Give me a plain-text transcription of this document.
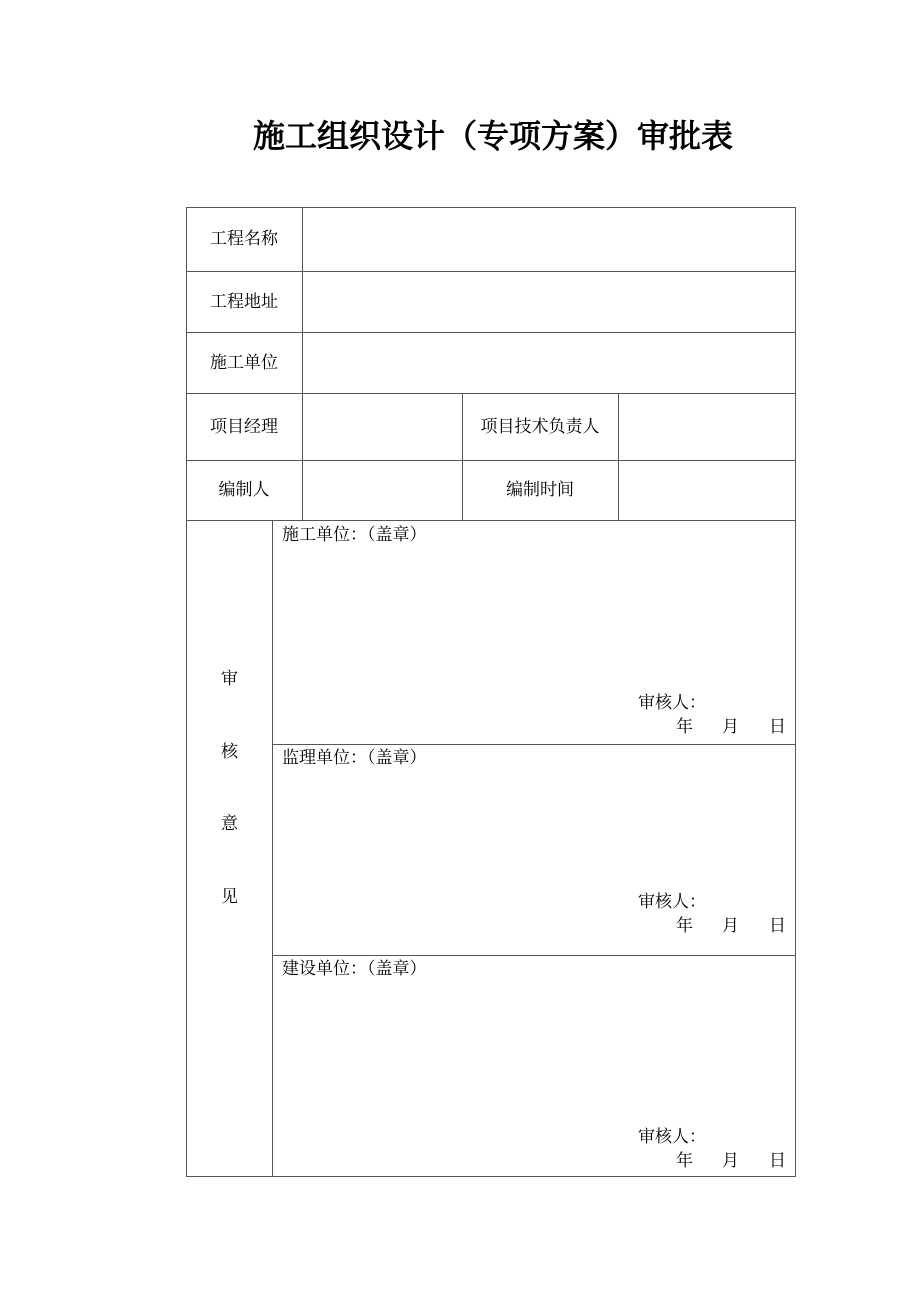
施工组织设计（专项方案）审批表
工程名称
工程地址
施工单位
项目经理	项目技术负责人
编制人	编制时间
审
核
意
见
施工单位：（盖章）
审核人：
年 月 日
监理单位：（盖章）
审核人：
年 月 日
建设单位：（盖章）
审核人：
年 月 日
